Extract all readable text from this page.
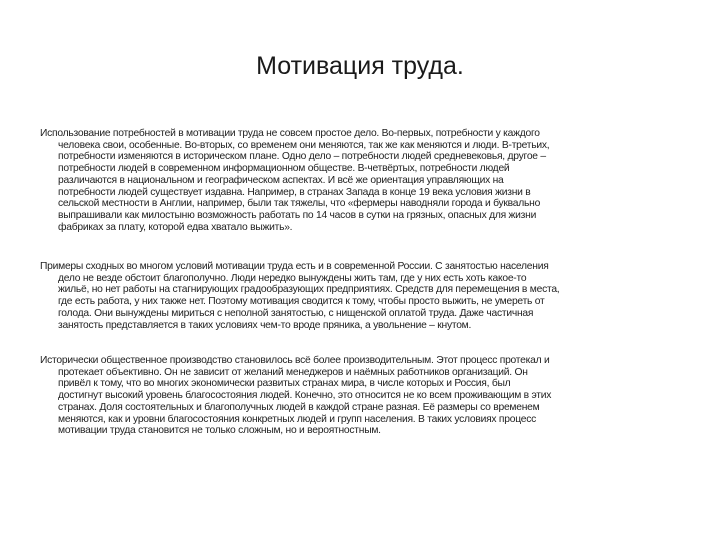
Мотивация труда.
Использование потребностей в мотивации труда не совсем простое дело. Во-первых, потребности у каждого
человека свои, особенные. Во-вторых, со временем они меняются, так же как меняются и люди. В-третьих,
потребности изменяются в историческом плане. Одно дело – потребности людей средневековья, другое –
потребности людей в современном информационном обществе. В-четвёртых, потребности людей
различаются в национальном и географическом аспектах. И всё же ориентация управляющих на
потребности людей существует издавна. Например, в странах Запада в конце 19 века условия жизни в
сельской местности в Англии, например, были так тяжелы, что «фермеры наводняли города и буквально
выпрашивали как милостыню возможность работать по 14 часов в сутки на грязных, опасных для жизни
фабриках за плату, которой едва хватало выжить».
Примеры сходных во многом условий мотивации труда есть и в современной России. С занятостью населения
дело не везде обстоит благополучно. Люди нередко вынуждены жить там, где у них есть хоть какое-то
жильё, но нет работы на стагнирующих градообразующих предприятиях. Средств для перемещения в места,
где есть работа, у них также нет. Поэтому мотивация сводится к тому, чтобы просто выжить, не умереть от
голода. Они вынуждены мириться с неполной занятостью, с нищенской оплатой труда. Даже частичная
занятость представляется в таких условиях чем-то вроде пряника, а увольнение – кнутом.
Исторически общественное производство становилось всё более производительным. Этот процесс протекал и
протекает объективно. Он не зависит от желаний менеджеров и наёмных работников организаций. Он
привёл к тому, что во многих экономически развитых странах мира, в числе которых и Россия, был
достигнут высокий уровень благосостояния людей. Конечно, это относится не ко всем проживающим в этих
странах. Доля состоятельных и благополучных людей в каждой стране разная. Её размеры со временем
меняются, как и уровни благосостояния конкретных людей и групп населения. В таких условиях процесс
мотивации труда становится не только сложным, но и вероятностным.
